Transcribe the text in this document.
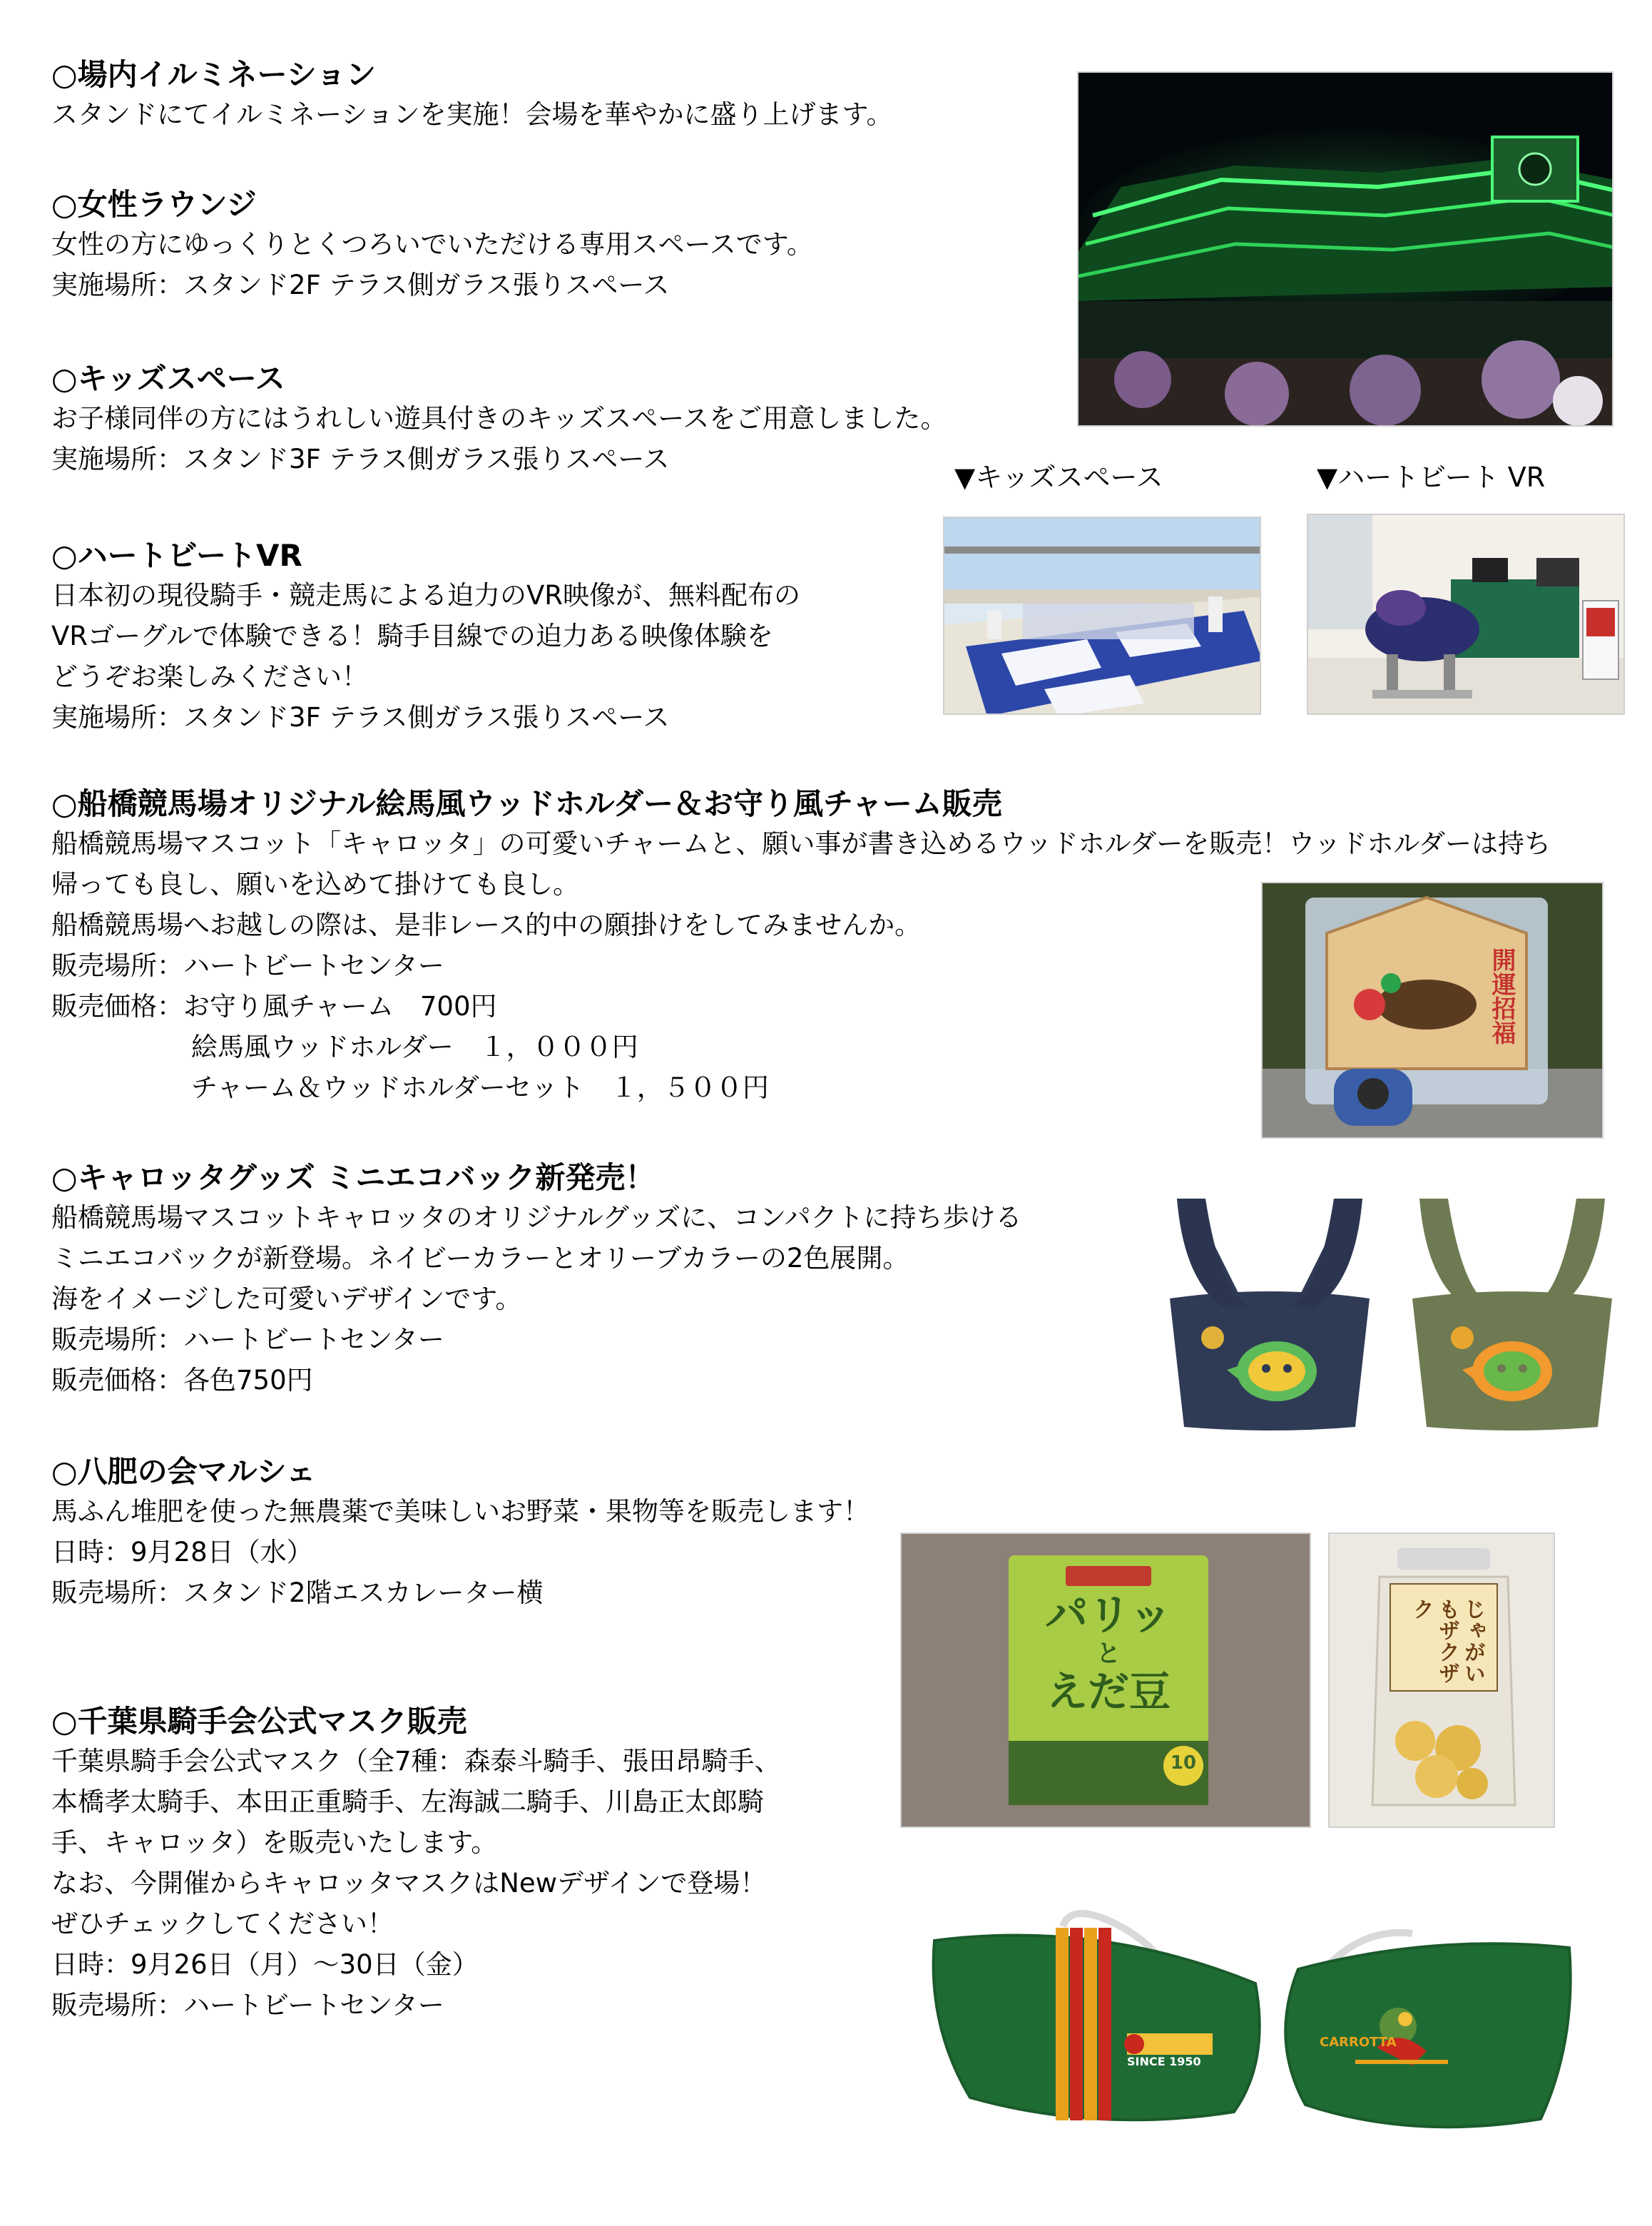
○場内イルミネーション

スタンドにてイルミネーションを実施！会場を華やかに盛り上げます。

○女性ラウンジ

女性の方にゆっくりとくつろいでいただける専用スペースです。

実施場所：スタンド2F テラス側ガラス張りスペース

○キッズスペース

お子様同伴の方にはうれしい遊具付きのキッズスペースをご用意しました。

実施場所：スタンド3F テラス側ガラス張りスペース

▼キッズスペース	▼ハートビート VR

○ハートビートVR

日本初の現役騎手・競走馬による迫力のVR映像が、無料配布の

VRゴーグルで体験できる！騎手目線での迫力ある映像体験を

どうぞお楽しみください！

実施場所：スタンド3F テラス側ガラス張りスペース

○船橋競馬場オリジナル絵馬風ウッドホルダー＆お守り風チャーム販売

船橋競馬場マスコット「キャロッタ」の可愛いチャームと、願い事が書き込めるウッドホルダーを販売！ウッドホルダーは持ち

帰っても良し、願いを込めて掛けても良し。

船橋競馬場へお越しの際は、是非レース的中の願掛けをしてみませんか。

販売場所：ハートビートセンター

販売価格：お守り風チャーム　700円

絵馬風ウッドホルダー　１，０００円

チャーム＆ウッドホルダーセット　１，５００円

開運招福

○キャロッタグッズ ミニエコバック新発売！

船橋競馬場マスコットキャロッタのオリジナルグッズに、コンパクトに持ち歩ける

ミニエコバックが新登場。ネイビーカラーとオリーブカラーの2色展開。

海をイメージした可愛いデザインです。

販売場所：ハートビートセンター

販売価格：各色750円

○八肥の会マルシェ

馬ふん堆肥を使った無農薬で美味しいお野菜・果物等を販売します！

日時：9月28日（水）

販売場所：スタンド2階エスカレーター横	パリッ
と
えだ豆
10
じゃがいもザクザク

○千葉県騎手会公式マスク販売

千葉県騎手会公式マスク（全7種：森泰斗騎手、張田昂騎手、

本橋孝太騎手、本田正重騎手、左海誠二騎手、川島正太郎騎

手、キャロッタ）を販売いたします。

なお、今開催からキャロッタマスクはNewデザインで登場！

ぜひチェックしてください！

日時：9月26日（月）～30日（金）

販売場所：ハートビートセンター

SINCE 1950
CARROTTA
